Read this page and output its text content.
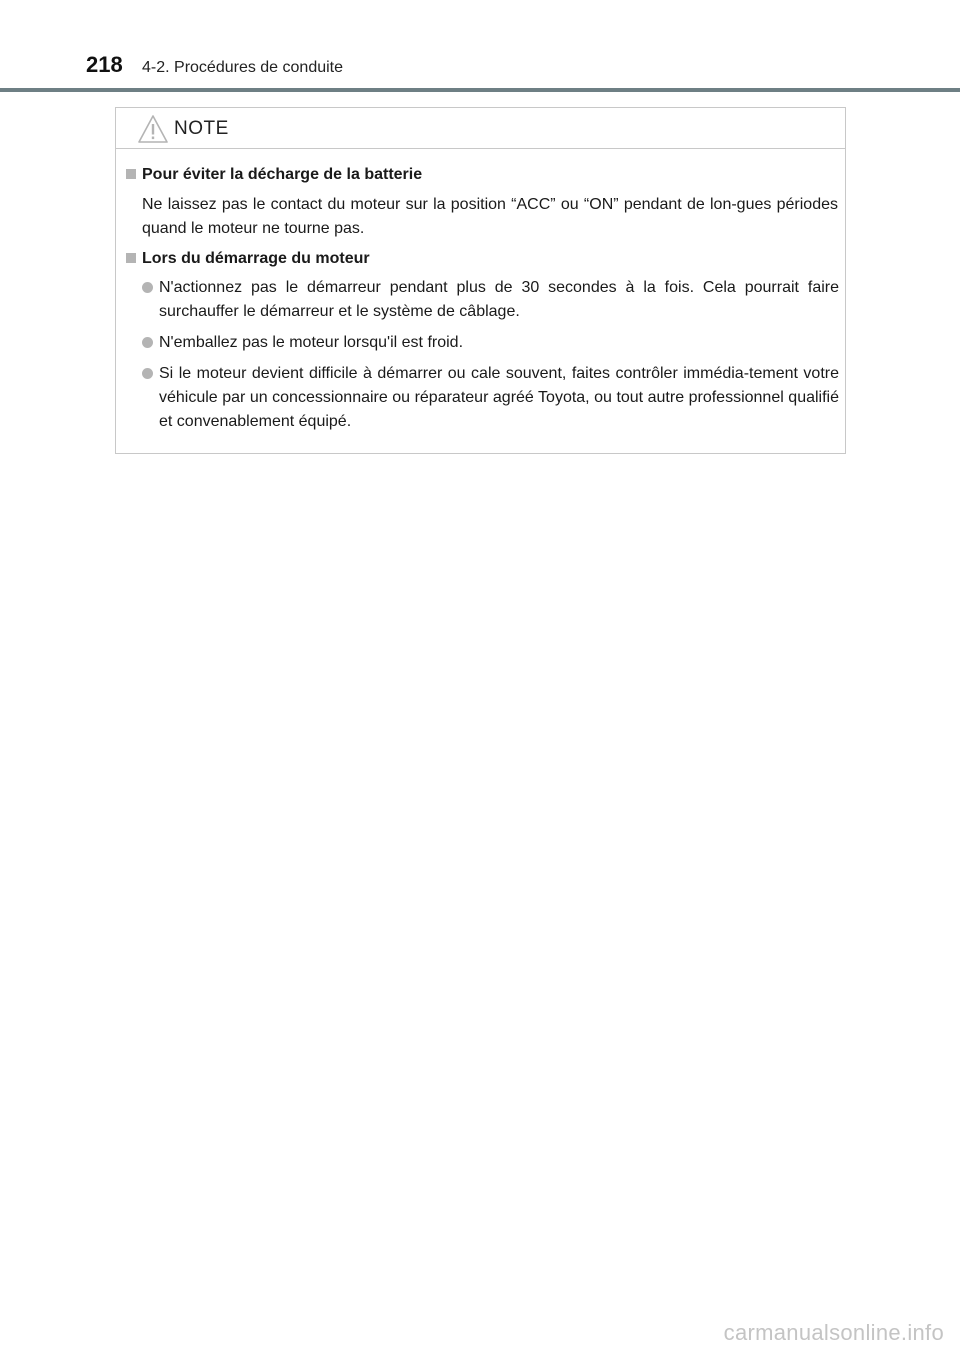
218 4-2. Procédures de conduite
NOTE
Pour éviter la décharge de la batterie
Ne laissez pas le contact du moteur sur la position “ACC” ou “ON” pendant de lon-gues périodes quand le moteur ne tourne pas.
Lors du démarrage du moteur
N'actionnez pas le démarreur pendant plus de 30 secondes à la fois. Cela pourrait faire surchauffer le démarreur et le système de câblage.
N'emballez pas le moteur lorsqu'il est froid.
Si le moteur devient difficile à démarrer ou cale souvent, faites contrôler immédia-tement votre véhicule par un concessionnaire ou réparateur agréé Toyota, ou tout autre professionnel qualifié et convenablement équipé.
carmanualsonline.info
